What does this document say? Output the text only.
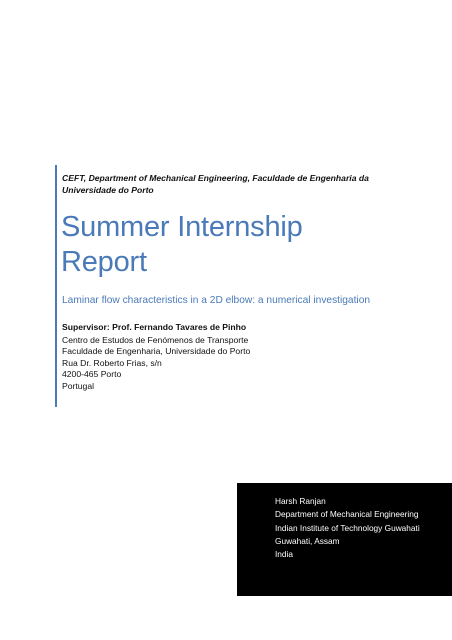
CEFT, Department of Mechanical Engineering, Faculdade de Engenharia da
Universidade do Porto
Summer Internship
Report
Laminar flow characteristics in a 2D elbow: a numerical investigation
Supervisor: Prof. Fernando Tavares de Pinho
Centro de Estudos de Fenómenos de Transporte
Faculdade de Engenharia, Universidade do Porto
Rua Dr. Roberto Frias, s/n
4200-465 Porto
Portugal
Harsh Ranjan
Department of Mechanical Engineering
Indian Institute of Technology Guwahati
Guwahati, Assam
India
